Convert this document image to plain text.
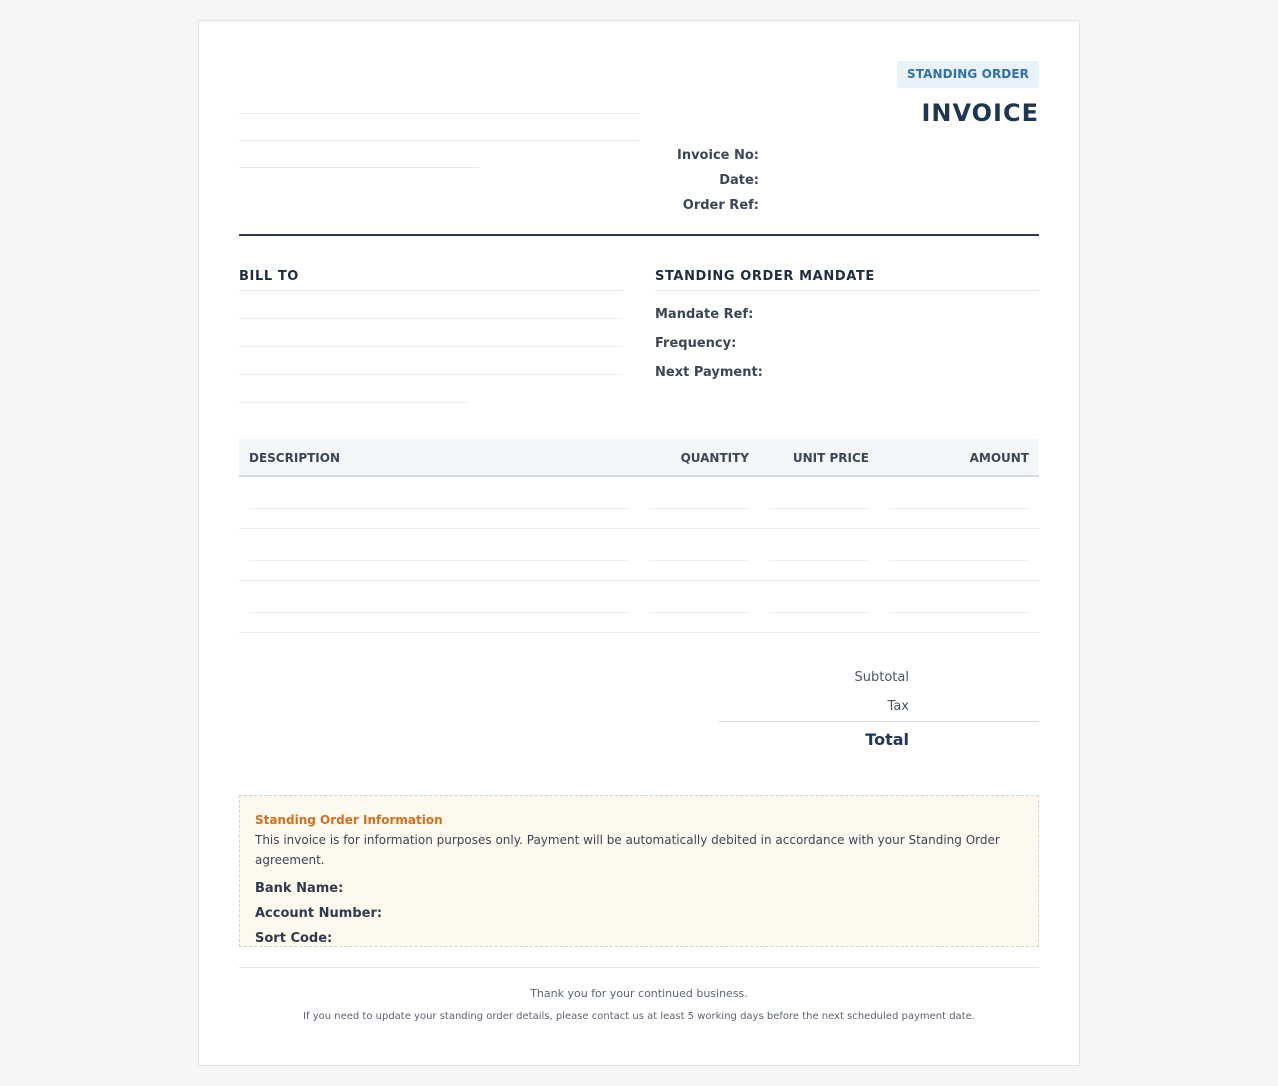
STANDING ORDER
INVOICE
Invoice No:
Date:
Order Ref:
BILL TO	STANDING ORDER MANDATE
Mandate Ref:
Frequency:
Next Payment:
DESCRIPTION	QUANTITY	UNIT PRICE	AMOUNT
Subtotal
Tax
Total
Standing Order Information
This invoice is for information purposes only. Payment will be automatically debited in accordance with your Standing Order agreement.
Bank Name:
Account Number:
Sort Code:
Thank you for your continued business.
If you need to update your standing order details, please contact us at least 5 working days before the next scheduled payment date.
